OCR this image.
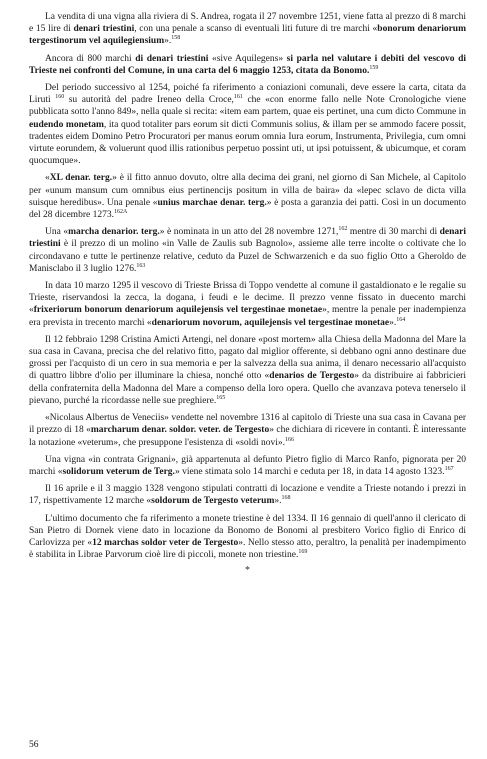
La vendita di una vigna alla riviera di S. Andrea, rogata il 27 novembre 1251, viene fatta al prezzo di 8 marchi e 15 lire di denari triestini, con una penale a scanso di eventuali liti future di tre marchi «bonorum denariorum tergestinorum vel aquilegiensium».$^{158}$

Ancora di 800 marchi di denari triestini «sive Aquilegens» si parla nel valutare i debiti del vescovo di Trieste nei confronti del Comune, in una carta del 6 maggio 1253, citata da Bonomo.$^{159}$

Del periodo successivo al 1254, poiché fa riferimento a coniazioni comunali, deve essere la carta, citata da Liruti $^{160}$ su autorità del padre Ireneo della Croce,$^{161}$ che «con enorme fallo nelle Note Cronologiche viene pubblicata sotto l'anno 849», nella quale si recita: «item eam partem, quae eis pertinet, una cum dicto Commune in eudendo monetam, ita quod totaliter pars eorum sit dicti Communis solius, & illam per se ammodo facere possit, tradentes eidem Domino Petro Procuratori per manus eorum omnia Iura eorum, Instrumenta, Privilegia, cum omni virtute eorundem, & voluerunt quod illis rationibus perpetuo possint uti, ut ipsi potuissent, & ubicumque, et coram quocumque».

«XL denar. terg.» è il fitto annuo dovuto, oltre alla decima dei grani, nel giorno di San Michele, al Capitolo per «unum mansum cum omnibus eius pertinencijs positum in villa de baira» da «lepec sclavo de dicta villa suisque heredibus». Una penale «unius marchae denar. terg.» è posta a garanzia dei patti. Così in un documento del 28 dicembre 1273.$^{162A}$

Una «marcha denarior. terg.» è nominata in un atto del 28 novembre 1271,$^{162}$ mentre di 30 marchi di denari triestini è il prezzo di un molino «in Valle de Zaulis sub Bagnolo», assieme alle terre incolte o coltivate che lo circondavano e tutte le pertinenze relative, ceduto da Puzel de Schwarzenich e da suo figlio Otto a Gheroldo de Manisclabo il 3 luglio 1276.$^{163}$

In data 10 marzo 1295 il vescovo di Trieste Brissa di Toppo vendette al comune il gastaldionato e le regalie su Trieste, riservandosi la zecca, la dogana, i feudi e le decime. Il prezzo venne fissato in duecento marchi «frixeriorum bonorum denariorum aquilejensis vel tergestinae monetae», mentre la penale per inadempienza era prevista in trecento marchi «denariorum novorum, aquilejensis vel tergestinae monetae».$^{164}$

Il 12 febbraio 1298 Cristina Amicti Artengi, nel donare «post mortem» alla Chiesa della Madonna del Mare la sua casa in Cavana, precisa che del relativo fitto, pagato dal miglior offerente, si debbano ogni anno destinare due grossi per l'acquisto di un cero in sua memoria e per la salvezza della sua anima, il denaro necessario all'acquisto di quattro libbre d'olio per illuminare la chiesa, nonché otto «denarios de Tergesto» da distribuire ai fabbricieri della confraternita della Madonna del Mare a compenso della loro opera. Quello che avanzava poteva tenerselo il pievano, purché la ricordasse nelle sue preghiere.$^{165}$

«Nicolaus Albertus de Veneciis» vendette nel novembre 1316 al capitolo di Trieste una sua casa in Cavana per il prezzo di 18 «marcharum denar. soldor. veter. de Tergesto» che dichiara di ricevere in contanti. È interessante la notazione «veterum», che presuppone l'esistenza di «soldi novi».$^{166}$

Una vigna «in contrata Grignani», già appartenuta al defunto Pietro figlio di Marco Ranfo, pignorata per 20 marchi «solidorum veterum de Terg.» viene stimata solo 14 marchi e ceduta per 18, in data 14 agosto 1323.$^{167}$

Il 16 aprile e il 3 maggio 1328 vengono stipulati contratti di locazione e vendite a Trieste notando i prezzi in 17, rispettivamente 12 marche «soldorum de Tergesto veterum».$^{168}$

L'ultimo documento che fa riferimento a monete triestine è del 1334. Il 16 gennaio di quell'anno il clericato di San Pietro di Dornek viene dato in locazione da Bonomo de Bonomi al presbitero Vorico figlio di Enrico di Carlovizza per «12 marchas soldor veter de Tergesto». Nello stesso atto, peraltro, la penalità per inadempimento è stabilita in Librae Parvorum cioè lire di piccoli, monete non triestine.$^{169}$

*
56
